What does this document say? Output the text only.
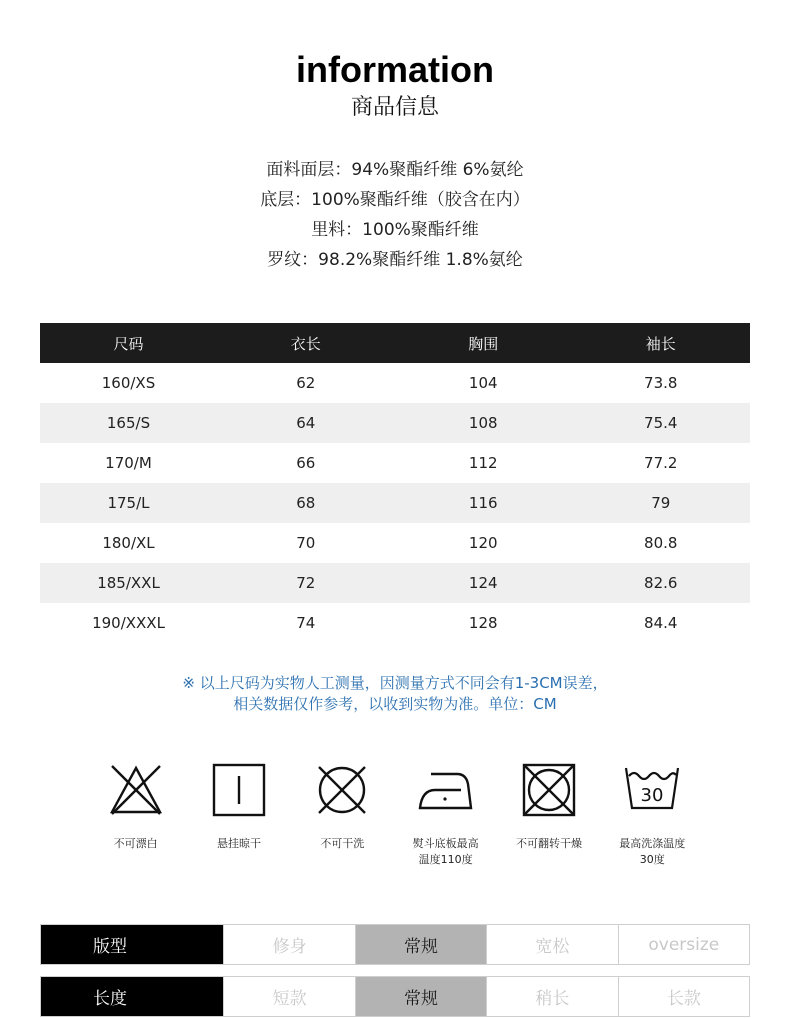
information
商品信息
面料面层：94%聚酯纤维 6%氨纶
底层：100%聚酯纤维（胶含在内）
里料：100%聚酯纤维
罗纹：98.2%聚酯纤维 1.8%氨纶
尺码	衣长	胸围	袖长
160/XS	62	104	73.8
165/S	64	108	75.4
170/M	66	112	77.2
175/L	68	116	79
180/XL	70	120	80.8
185/XXL	72	124	82.6
190/XXXL	74	128	84.4
※ 以上尺码为实物人工测量，因测量方式不同会有1-3CM误差，
相关数据仅作参考，以收到实物为准。单位：CM
不可漂白	悬挂晾干	不可干洗	熨斗底板最高温度110度
不可翻转干燥
30
最高洗涤温度30度
版型	修身	常规	宽松	oversize
长度	短款	常规	稍长	长款
